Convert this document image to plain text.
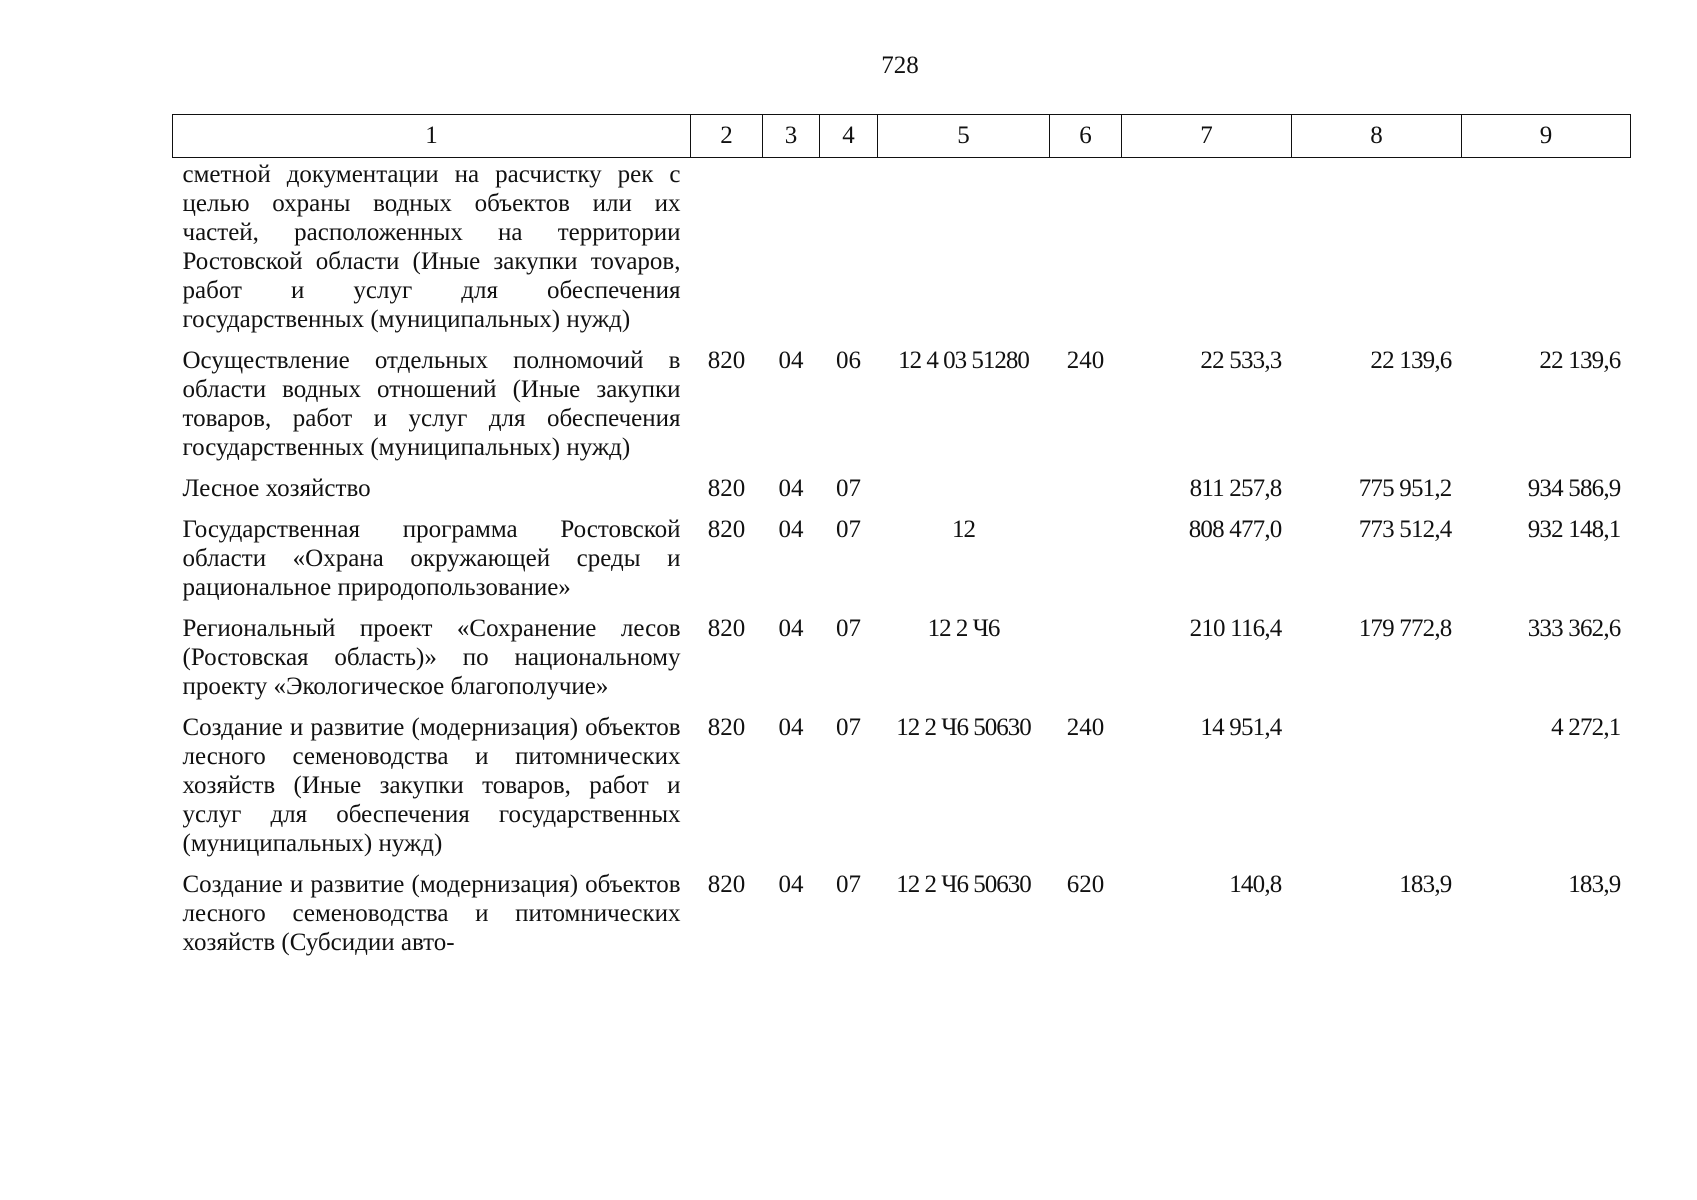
728
1	2	3	4	5	6	7	8	9
сметной документации на расчистку рек с целью охраны водных объектов или их частей, расположенных на территории Ростовской области (Иные закупки тоvаров, работ и услуг для обеспечения государственных (муниципальных) нужд)								
Осуществление отдельных полномочий в области водных отношений (Иные закупки товаров, работ и услуг для обеспечения государственных (муниципальных) нужд)	820	04	06	12 4 03 51280	240	22 533,3	22 139,6	22 139,6
Лесное хозяйство	820	04	07			811 257,8	775 951,2	934 586,9
Государственная программа Ростовской области «Охрана окружающей среды и рациональное природопользование»	820	04	07	12		808 477,0	773 512,4	932 148,1
Региональный проект «Сохранение лесов (Ростовская область)» по национальному проекту «Экологическое благополучие»	820	04	07	12 2 Ч6		210 116,4	179 772,8	333 362,6
Создание и развитие (модернизация) объектов лесного семеноводства и питомнических хозяйств (Иные закупки товаров, работ и услуг для обеспечения государственных (муниципальных) нужд)	820	04	07	12 2 Ч6 50630	240	14 951,4		4 272,1
Создание и развитие (модернизация) объектов лесного семеноводства и питомнических хозяйств (Субсидии авто-	820	04	07	12 2 Ч6 50630	620	140,8	183,9	183,9
